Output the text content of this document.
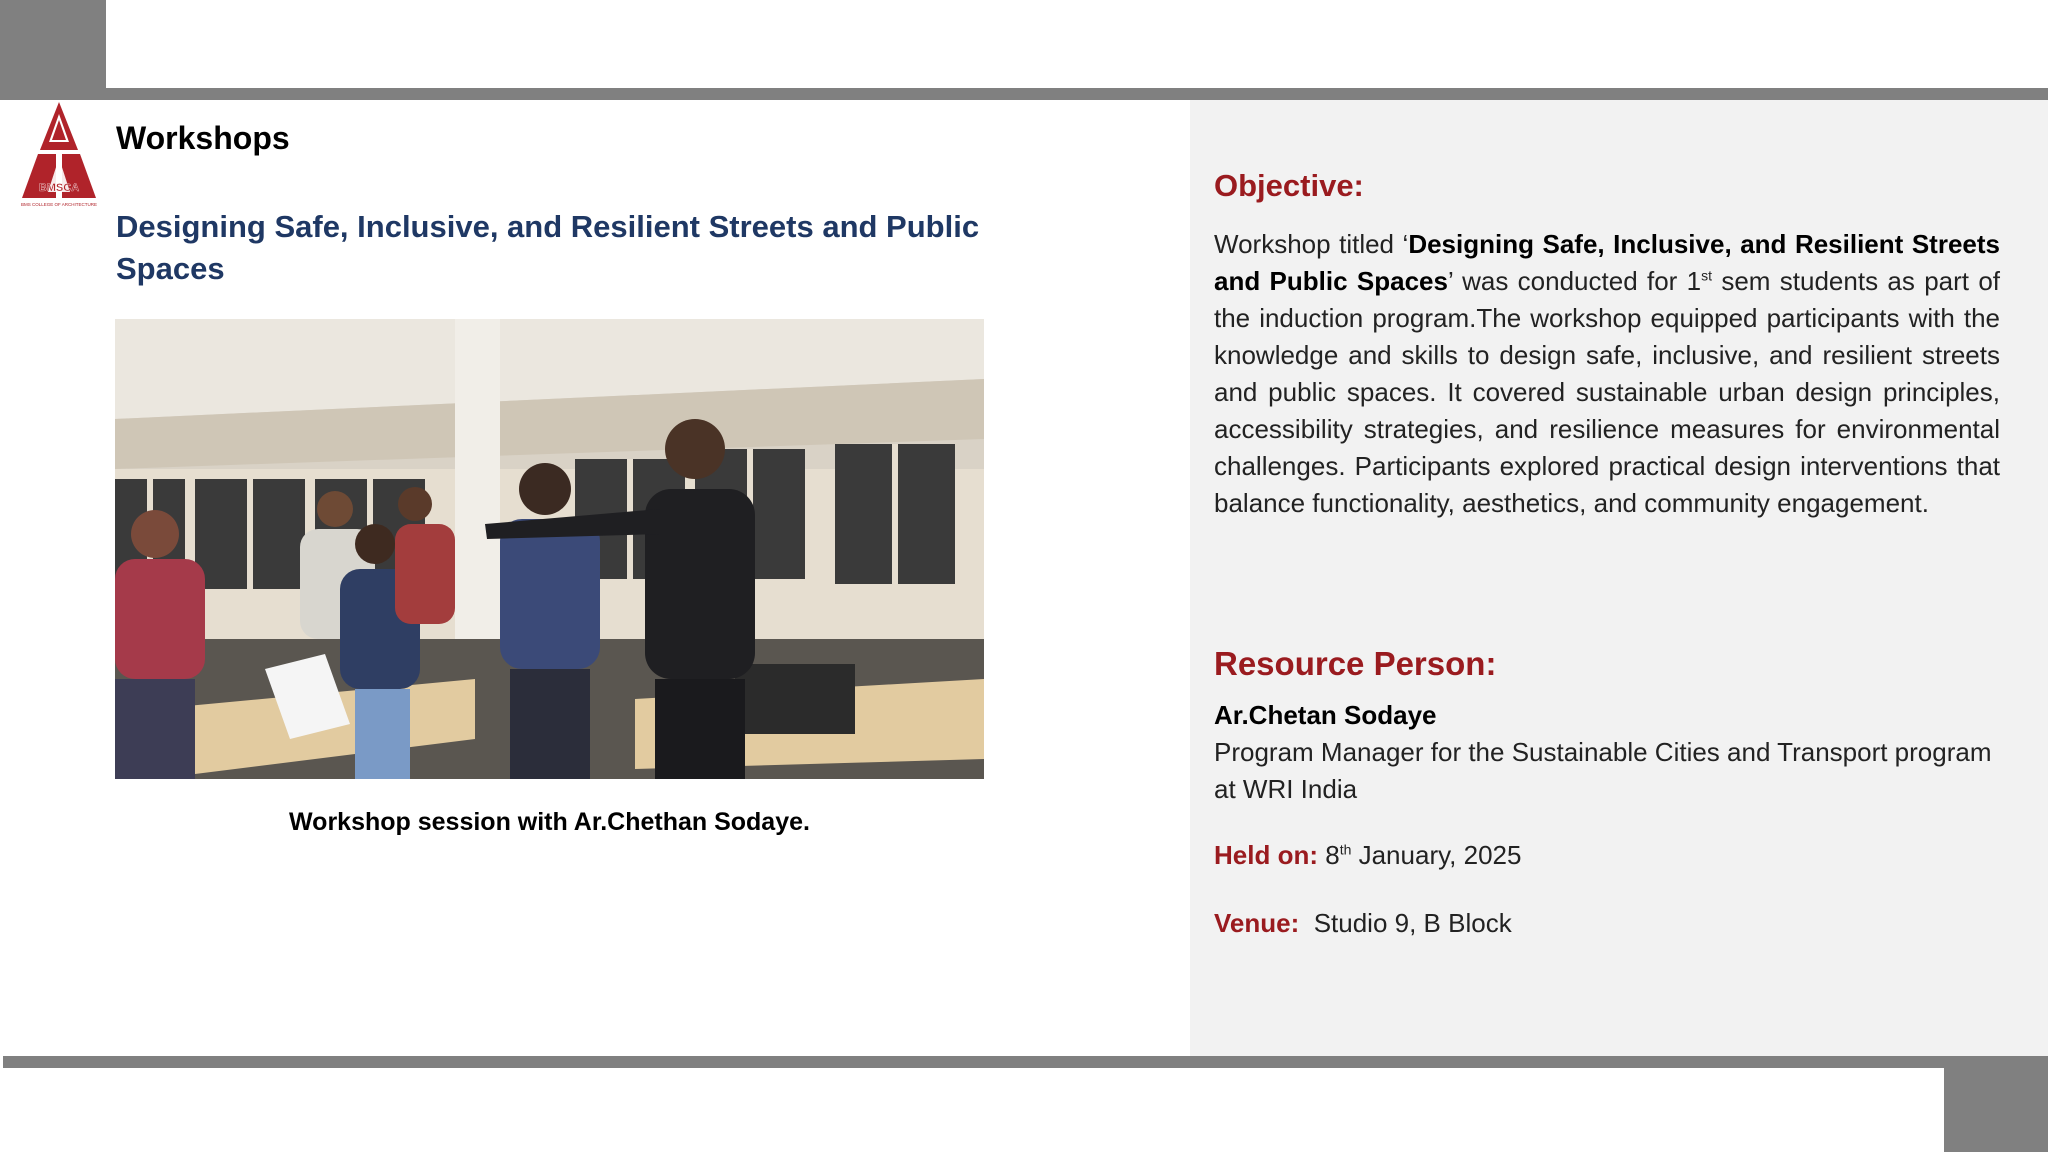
BMSCA
BMS COLLEGE OF ARCHITECTURE
Workshops
Designing Safe, Inclusive, and Resilient Streets and Public Spaces
Workshop session with Ar.Chethan Sodaye.
Objective:
Workshop titled ‘Designing Safe, Inclusive, and Resilient Streets and Public Spaces’ was conducted for 1st sem students as part of the induction program.The workshop equipped participants with the knowledge and skills to design safe, inclusive, and resilient streets and public spaces. It covered sustainable urban design principles, accessibility strategies, and resilience measures for environmental challenges. Participants explored practical design interventions that balance functionality, aesthetics, and community engagement.
Resource Person:
Ar.Chetan Sodaye
Program Manager for the Sustainable Cities and Transport program at WRI India
Held on: 8th January, 2025
Venue:  Studio 9, B Block
